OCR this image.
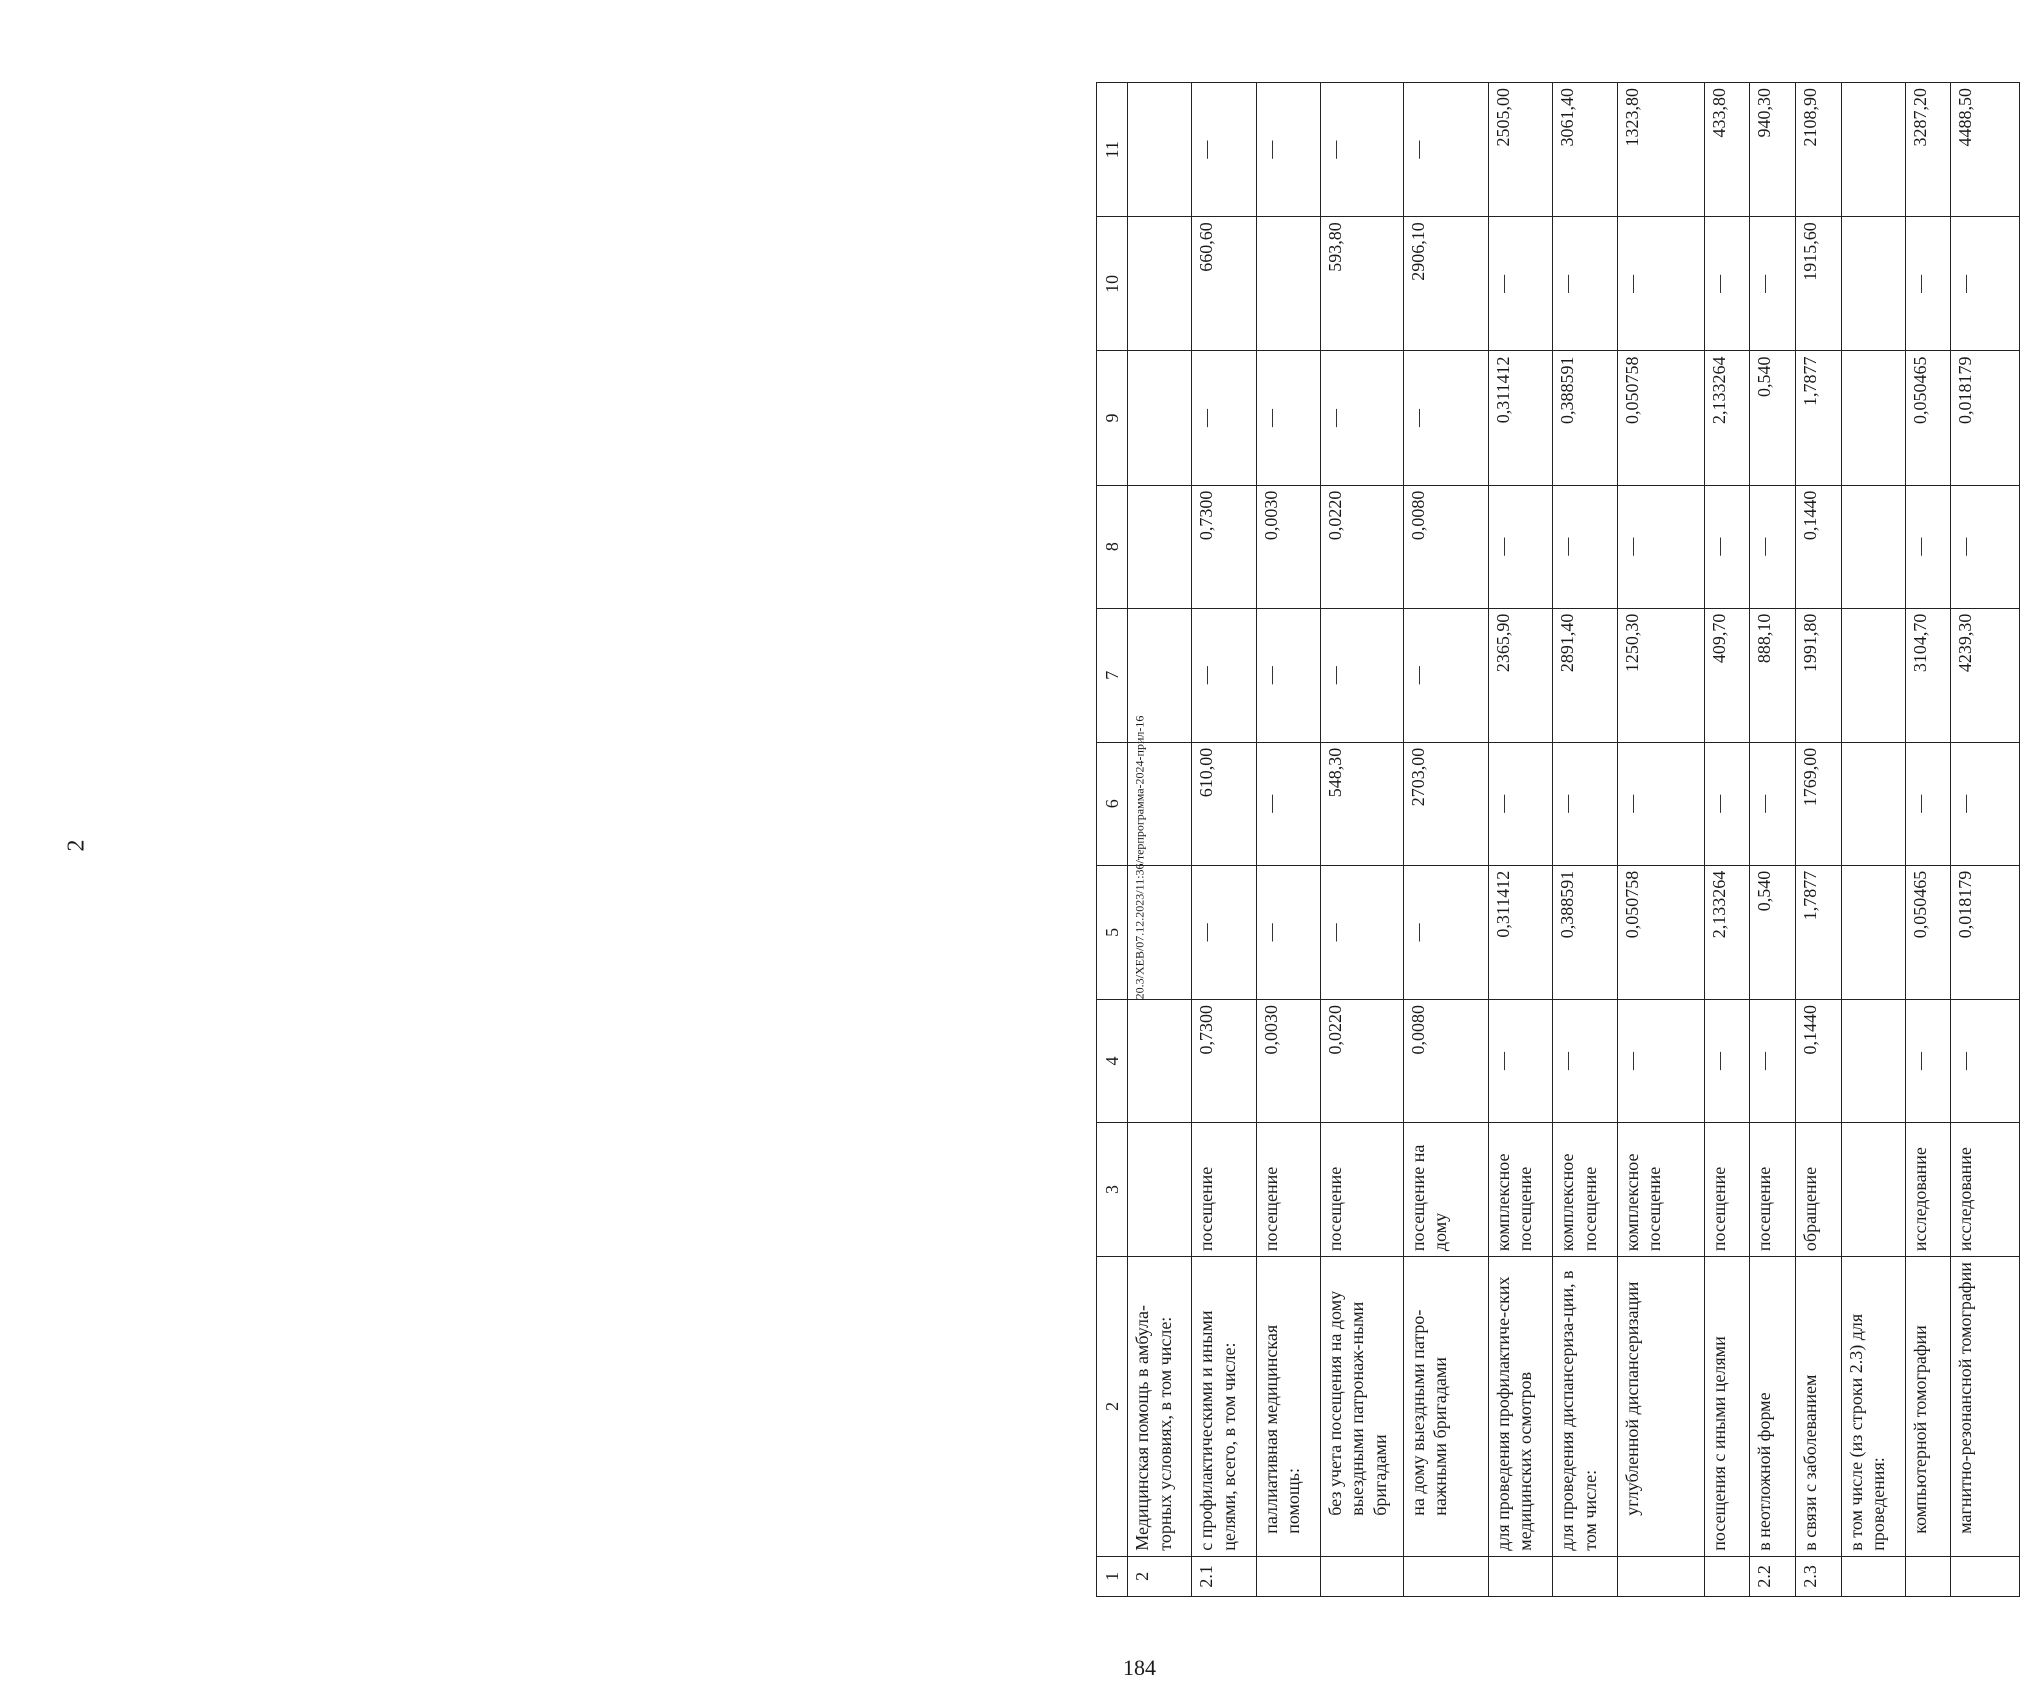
2	20.3/ХЕВ/07.12.2023/11:36/терпрограмма-2024-прил-16
184
1	2	3	4	5	6	7	8	9	10	11
2	Медицинская помощь в амбула-торных условиях, в том числе:									
2.1	с профилактическими и иными целями, всего, в том числе:	посещение	0,7300	—	610,00	—	0,7300	—	660,60	—
	паллиативная медицинская помощь:	посещение	0,0030	—	—	—	0,0030	—		—
	без учета посещения на дому выездными патронаж-ными бригадами	посещение	0,0220	—	548,30	—	0,0220	—	593,80	—
	на дому выездными патро-нажными бригадами	посещение на дому	0,0080	—	2703,00	—	0,0080	—	2906,10	—
	для проведения профилактиче-ских медицинских осмотров	комплексное посещение	—	0,311412	—	2365,90	—	0,311412	—	2505,00
	для проведения диспансериза-ции, в том числе:	комплексное посещение	—	0,388591	—	2891,40	—	0,388591	—	3061,40
	углубленной диспансеризации	комплексное посещение	—	0,050758	—	1250,30	—	0,050758	—	1323,80
	посещения с иными целями	посещение	—	2,133264	—	409,70	—	2,133264	—	433,80
2.2	в неотложной форме	посещение	—	0,540	—	888,10	—	0,540	—	940,30
2.3	в связи с заболеванием	обращение	0,1440	1,7877	1769,00	1991,80	0,1440	1,7877	1915,60	2108,90
	в том числе (из строки 2.3) для проведения:									
	компьютерной томографии	исследование	—	0,050465	—	3104,70	—	0,050465	—	3287,20
	магнитно-резонансной томографии	исследование	—	0,018179	—	4239,30	—	0,018179	—	4488,50
